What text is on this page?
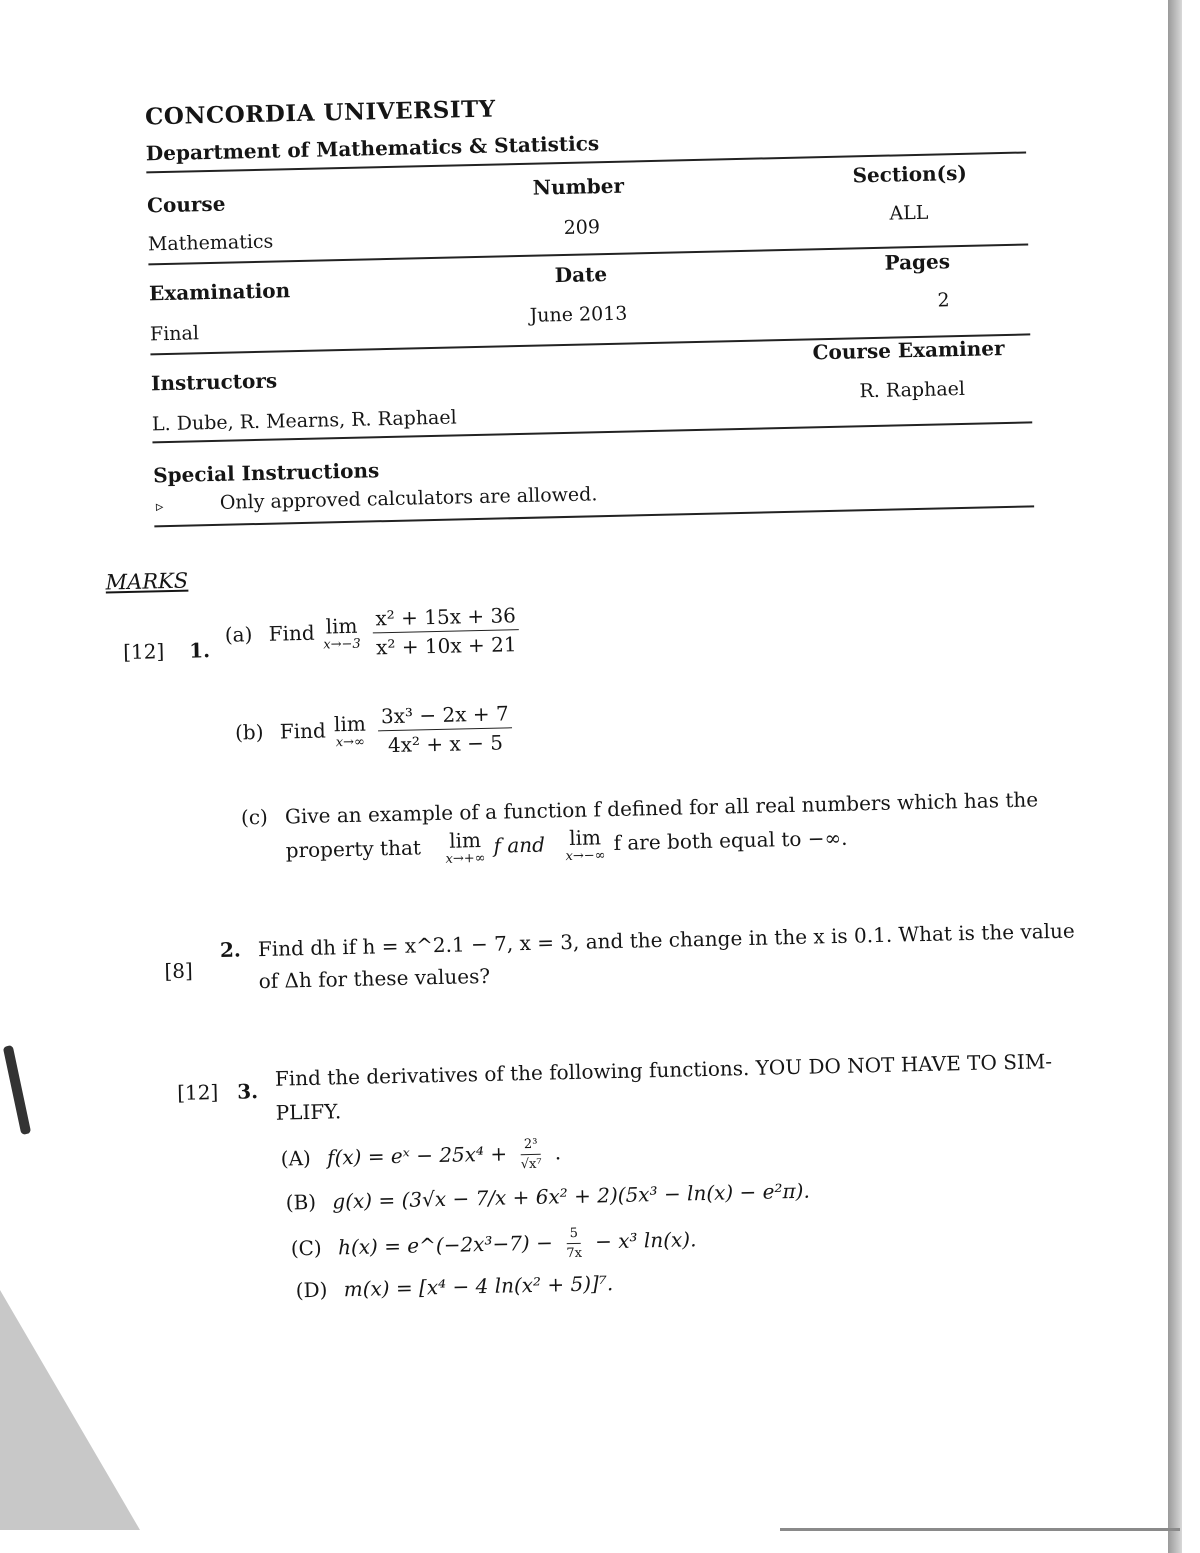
CONCORDIA UNIVERSITY
Department of Mathematics & Statistics
Course
Mathematics
Number
209
Section(s)
ALL
Examination
Final
Date
June 2013
Pages
2
Instructors
L. Dube, R. Mearns, R. Raphael
Course Examiner
R. Raphael
Special Instructions
▹	Only approved calculators are allowed.
MARKS
[12] 1.
(a) Find lim
x→−3
$\frac{\text{x² + 15x + 36}}{\text{x² + 10x + 21}}$
(b) Find lim
x→∞
$\frac{\text{3x³ − 2x + 7}}{\text{4x² + x − 5}}$
(c) Give an example of a function f defined for all real numbers which has the
property that lim
x→+∞
f and lim
x→−∞
f are both equal to −∞.
[8]
2. Find dh if h = x^2.1 − 7, x = 3, and the change in the x is 0.1. What is the value
of Δh for these values?
[12] 3.
Find the derivatives of the following functions. YOU DO NOT HAVE TO SIM-
PLIFY.
(A) f(x) = eˣ − $25x^4 + \frac{\text{2³}}{\text{√x⁷}}$ .
(B) g(x) = (3√x − 7/x + 6x² + 2)(5x³ − ln(x) − e²π).
(C) h(x) = e^(−2x³−7) − $\frac{5}{7x} - x^3$ ln(x).
(D) m(x) = [x⁴ − 4 ln(x² + 5)]⁷.
